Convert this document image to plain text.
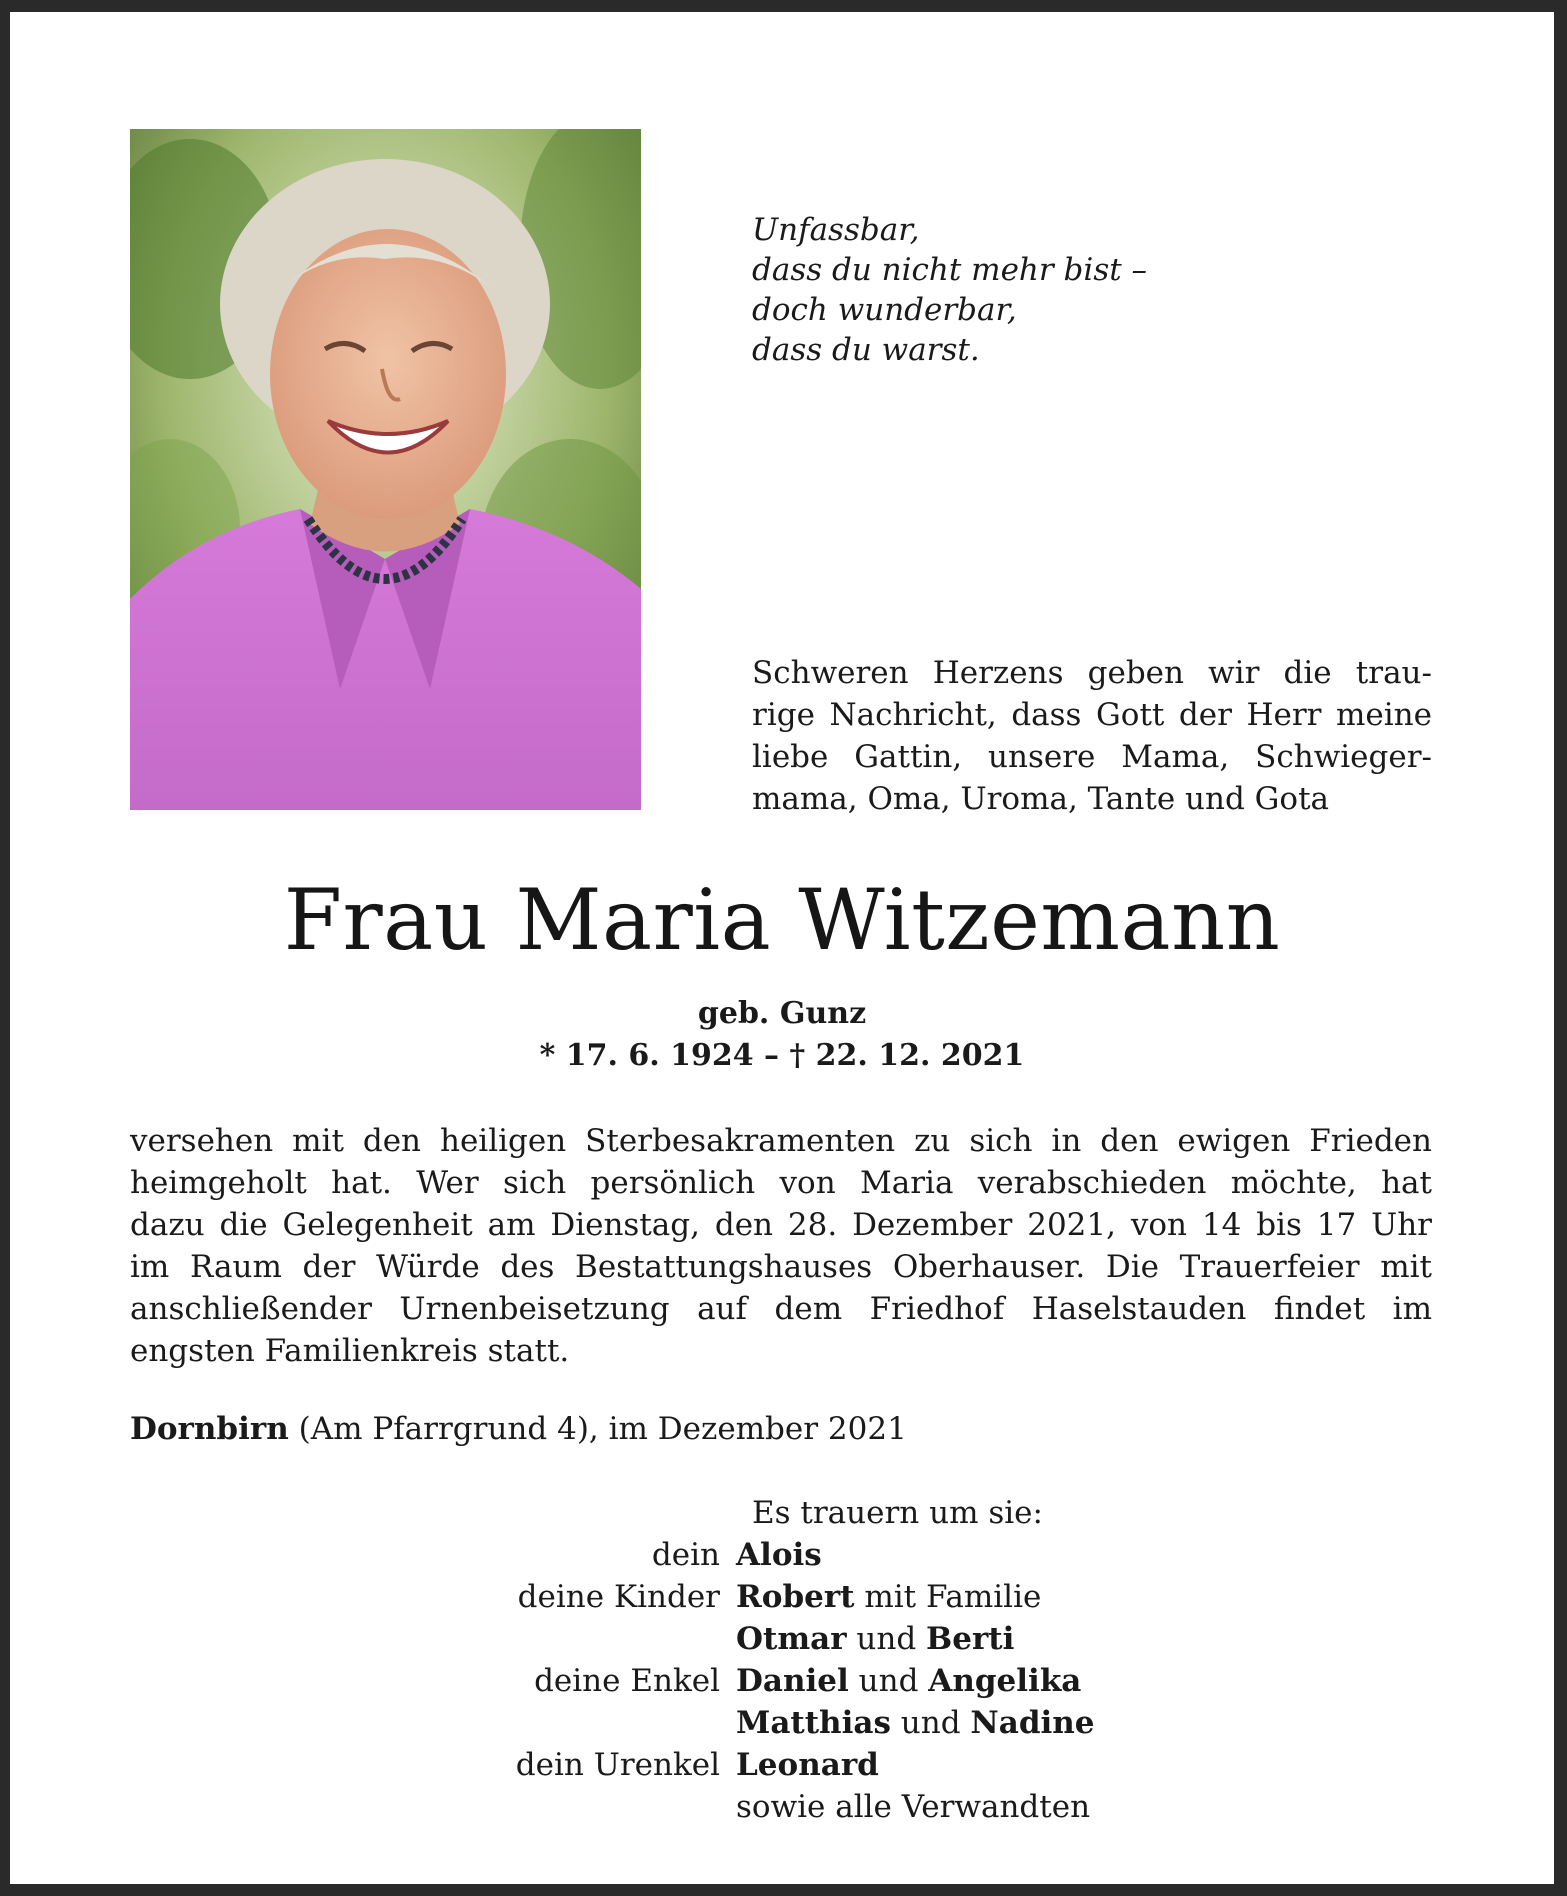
Unfassbar,
dass du nicht mehr bist –
doch wunderbar,
dass du warst.

Schweren Herzens geben wir die trau-
rige Nachricht, dass Gott der Herr meine
liebe Gattin, unsere Mama, Schwieger-
mama, Oma, Uroma, Tante und Gota

Frau Maria Witzemann

geb. Gunz

* 17. 6. 1924 – † 22. 12. 2021

versehen mit den heiligen Sterbesakramenten zu sich in den ewigen Frieden
heimgeholt hat. Wer sich persönlich von Maria verabschieden möchte, hat
dazu die Gelegenheit am Dienstag, den 28. Dezember 2021, von 14 bis 17 Uhr
im Raum der Würde des Bestattungshauses Oberhauser. Die Trauerfeier mit
anschließender Urnenbeisetzung auf dem Friedhof Haselstauden findet im
engsten Familienkreis statt.

Dornbirn (Am Pfarrgrund 4), im Dezember 2021

Es trauern um sie:

dein Alois
deine Kinder Robert mit Familie
Otmar und Berti
deine Enkel Daniel und Angelika
Matthias und Nadine
dein Urenkel Leonard
sowie alle Verwandten
